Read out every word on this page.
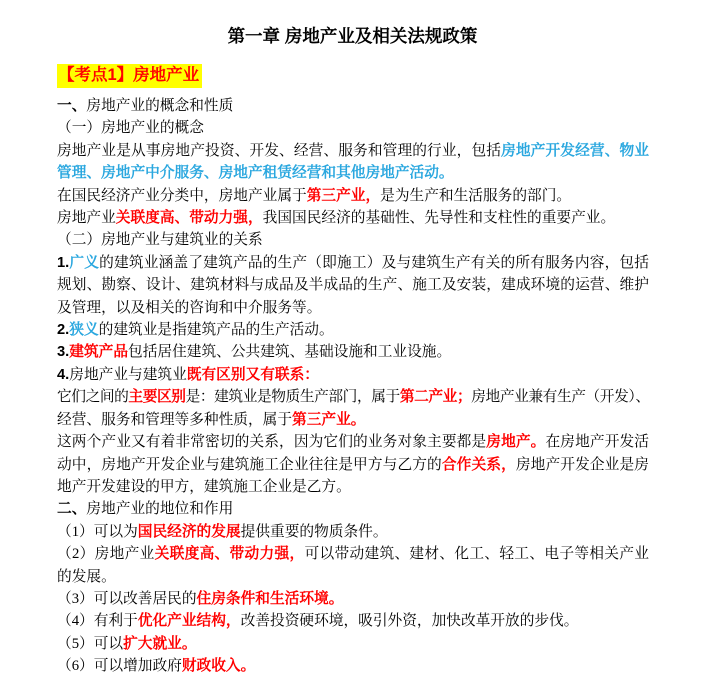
第一章 房地产业及相关法规政策
【考点1】房地产业
一、房地产业的概念和性质
（一）房地产业的概念
房地产业是从事房地产投资、开发、经营、服务和管理的行业，包括房地产开发经营、物业
管理、房地产中介服务、房地产租赁经营和其他房地产活动。
在国民经济产业分类中，房地产业属于第三产业，是为生产和生活服务的部门。
房地产业关联度高、带动力强，我国国民经济的基础性、先导性和支柱性的重要产业。
（二）房地产业与建筑业的关系
1.广义的建筑业涵盖了建筑产品的生产（即施工）及与建筑生产有关的所有服务内容，包括
规划、勘察、设计、建筑材料与成品及半成品的生产、施工及安装，建成环境的运营、维护
及管理，以及相关的咨询和中介服务等。
2.狭义的建筑业是指建筑产品的生产活动。
3.建筑产品包括居住建筑、公共建筑、基础设施和工业设施。
4.房地产业与建筑业既有区别又有联系：
它们之间的主要区别是：建筑业是物质生产部门，属于第二产业；房地产业兼有生产（开发）、
经营、服务和管理等多种性质，属于第三产业。
这两个产业又有着非常密切的关系，因为它们的业务对象主要都是房地产。在房地产开发活
动中，房地产开发企业与建筑施工企业往往是甲方与乙方的合作关系，房地产开发企业是房
地产开发建设的甲方，建筑施工企业是乙方。
二、房地产业的地位和作用
（1）可以为国民经济的发展提供重要的物质条件。
（2）房地产业关联度高、带动力强，可以带动建筑、建材、化工、轻工、电子等相关产业
的发展。
（3）可以改善居民的住房条件和生活环境。
（4）有利于优化产业结构，改善投资硬环境，吸引外资，加快改革开放的步伐。
（5）可以扩大就业。
（6）可以增加政府财政收入。
